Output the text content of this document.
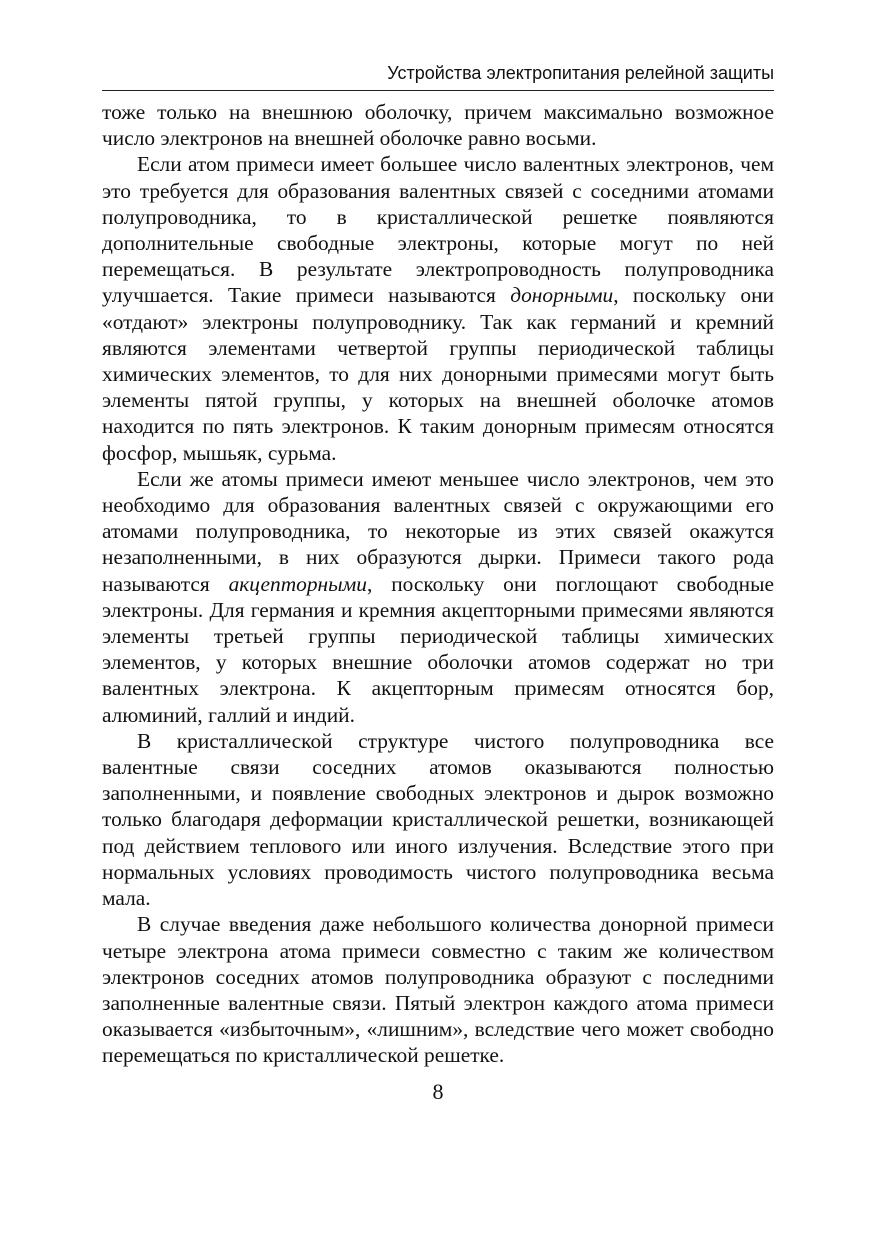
Устройства электропитания релейной защиты

тоже только на внешнюю оболочку, причем максимально возможное число электронов на внешней оболочке равно восьми.

Если атом примеси имеет большее число валентных электронов, чем это требуется для образования валентных связей с соседними атомами полупроводника, то в кристаллической решетке появляются дополнительные свободные электроны, которые могут по ней перемещаться. В результате электропроводность полупроводника улучшается. Такие примеси называются донорными, поскольку они «отдают» электроны полупроводнику. Так как германий и кремний являются элементами четвертой группы периодической таблицы химических элементов, то для них донорными примесями могут быть элементы пятой группы, у которых на внешней оболочке атомов находится по пять электронов. К таким донорным примесям относятся фосфор, мышьяк, сурьма.

Если же атомы примеси имеют меньшее число электронов, чем это необходимо для образования валентных связей с окружающими его атомами полупроводника, то некоторые из этих связей окажутся незаполненными, в них образуются дырки. Примеси такого рода называются акцепторными, поскольку они поглощают свободные электроны. Для германия и кремния акцепторными примесями являются элементы третьей группы периодической таблицы химических элементов, у которых внешние оболочки атомов содержат но три валентных электрона. К акцепторным примесям относятся бор, алюминий, галлий и индий.

В кристаллической структуре чистого полупроводника все валентные связи соседних атомов оказываются полностью заполненными, и появление свободных электронов и дырок возможно только благодаря деформации кристаллической решетки, возникающей под действием теплового или иного излучения. Вследствие этого при нормальных условиях проводимость чистого полупроводника весьма мала.

В случае введения даже небольшого количества донорной примеси четыре электрона атома примеси совместно с таким же количеством электронов соседних атомов полупроводника образуют с последними заполненные валентные связи. Пятый электрон каждого атома примеси оказывается «избыточным», «лишним», вследствие чего может свободно перемещаться по кристаллической решетке.

8
